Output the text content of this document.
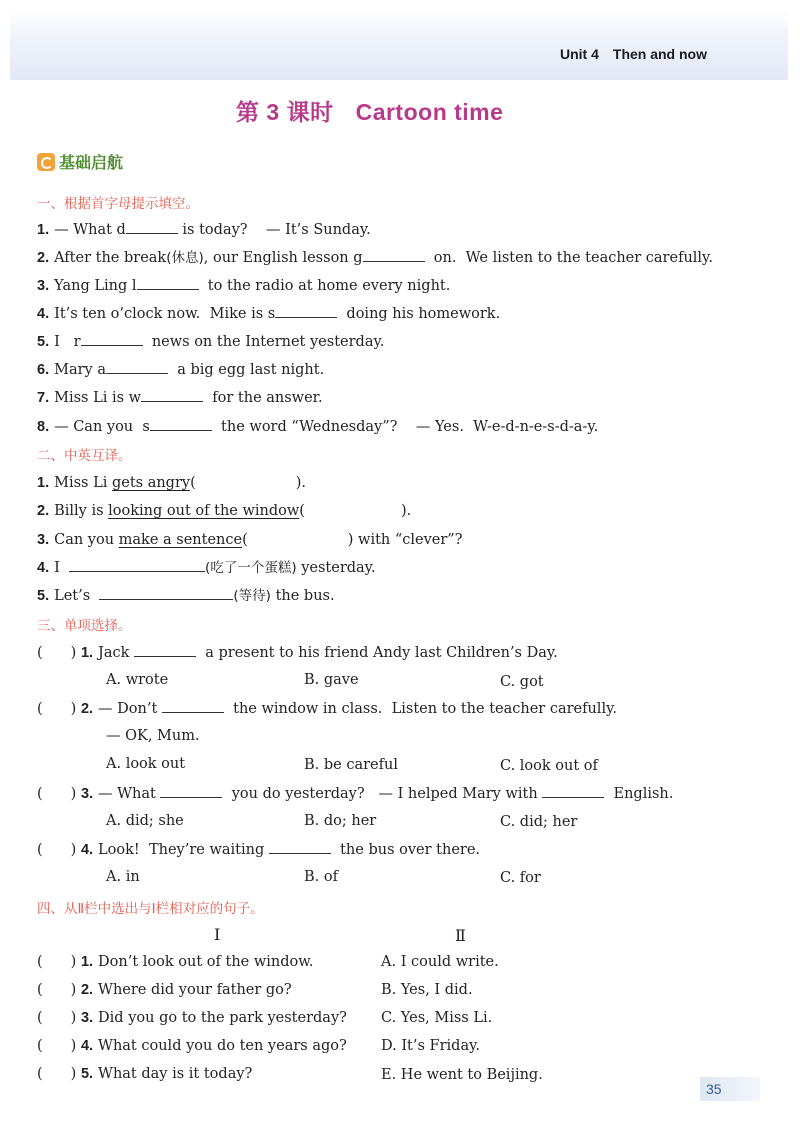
Unit 4 Then and now
第 3 课时 Cartoon time
基础启航
一、根据首字母提示填空。
1. — What d	is today? — It’s Sunday.
2. After the break(休息), our English lesson g	on. We listen to the teacher carefully.
3. Yang Ling l	to the radio at home every night.
4. It’s ten o’clock now. Mike is s	doing his homework.
5. I r	news on the Internet yesterday.
6. Mary a	a big egg last night.
7. Miss Li is w	for the answer.
8. — Can you s	the word “Wednesday”? — Yes. W-e-d-n-e-s-d-a-y.
二、中英互译。
1. Miss Li gets angry(	).
2. Billy is looking out of the window(	).
3. Can you make a sentence(	) with “clever”?
4. I	(吃了一个蛋糕) yesterday.
5. Let’s	(等待) the bus.
三、单项选择。
( ) 1. Jack	a present to his friend Andy last Children’s Day.
A. wrote	B. gave	C. got
( ) 2. — Don’t	the window in class. Listen to the teacher carefully.
— OK, Mum.
A. look out	B. be careful	C. look out of
( ) 3. — What	you do yesterday? — I helped Mary with	English.
A. did; she	B. do; her	C. did; her
( ) 4. Look! They’re waiting	the bus over there.
A. in	B. of	C. for
四、从Ⅱ栏中选出与Ⅰ栏相对应的句子。
Ⅰ	Ⅱ
( ) 1. Don’t look out of the window.	A. I could write.
( ) 2. Where did your father go?	B. Yes, I did.
( ) 3. Did you go to the park yesterday? C. Yes, Miss Li.
( ) 4. What could you do ten years ago? D. It’s Friday.
( ) 5. What day is it today?	E. He went to Beijing.
35
